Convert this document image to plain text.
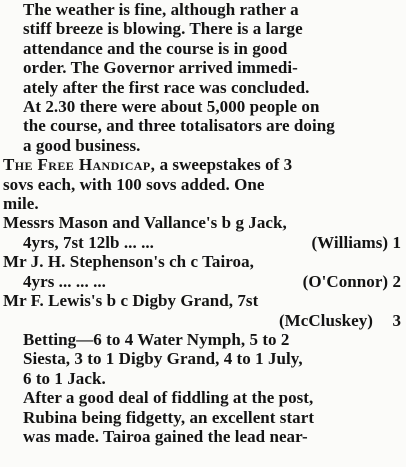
The weather is fine, although rather a
stiff breeze is blowing. There is a large
attendance and the course is in good
order. The Governor arrived immedi-
ately after the first race was concluded.
At 2.30 there were about 5,000 people on
the course, and three totalisators are doing
a good business.

The Free Handicap, a sweepstakes of 3
sovs each, with 100 sovs added. One
mile.

Messrs Mason and Vallance's b g Jack,
4yrs, 7st 12lb ... ...	(Williams) 1
Mr J. H. Stephenson's ch c Tairoa,
4yrs ... ... ...	(O'Connor) 2
Mr F. Lewis's b c Digby Grand, 7st
(McCluskey)	3

Betting—6 to 4 Water Nymph, 5 to 2
Siesta, 3 to 1 Digby Grand, 4 to 1 July,
6 to 1 Jack.

After a good deal of fiddling at the post,
Rubina being fidgetty, an excellent start
was made. Tairoa gained the lead near-
